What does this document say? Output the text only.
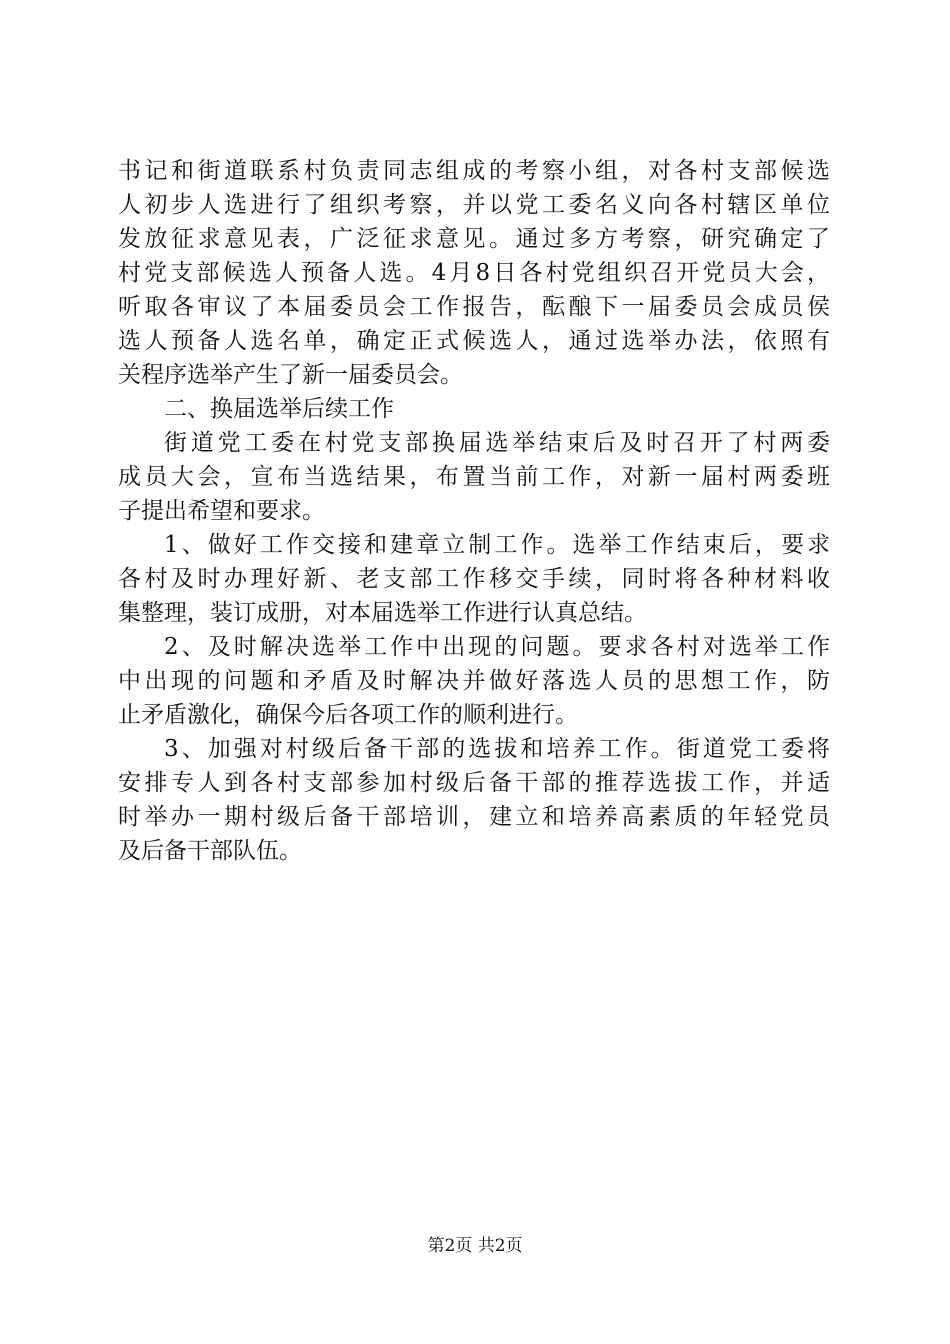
书记和街道联系村负责同志组成的考察小组，对各村支部候选
人初步人选进行了组织考察，并以党工委名义向各村辖区单位
发放征求意见表，广泛征求意见。通过多方考察，研究确定了
村党支部候选人预备人选。4月8日各村党组织召开党员大会，
听取各审议了本届委员会工作报告，酝酿下一届委员会成员侯
选人预备人选名单，确定正式候选人，通过选举办法，依照有
关程序选举产生了新一届委员会。
二、换届选举后续工作
街道党工委在村党支部换届选举结束后及时召开了村两委
成员大会，宣布当选结果，布置当前工作，对新一届村两委班
子提出希望和要求。
1、做好工作交接和建章立制工作。选举工作结束后，要求
各村及时办理好新、老支部工作移交手续，同时将各种材料收
集整理，装订成册，对本届选举工作进行认真总结。
2、及时解决选举工作中出现的问题。要求各村对选举工作
中出现的问题和矛盾及时解决并做好落选人员的思想工作，防
止矛盾激化，确保今后各项工作的顺利进行。
3、加强对村级后备干部的选拔和培养工作。街道党工委将
安排专人到各村支部参加村级后备干部的推荐选拔工作，并适
时举办一期村级后备干部培训，建立和培养高素质的年轻党员
及后备干部队伍。
第2页 共2页
